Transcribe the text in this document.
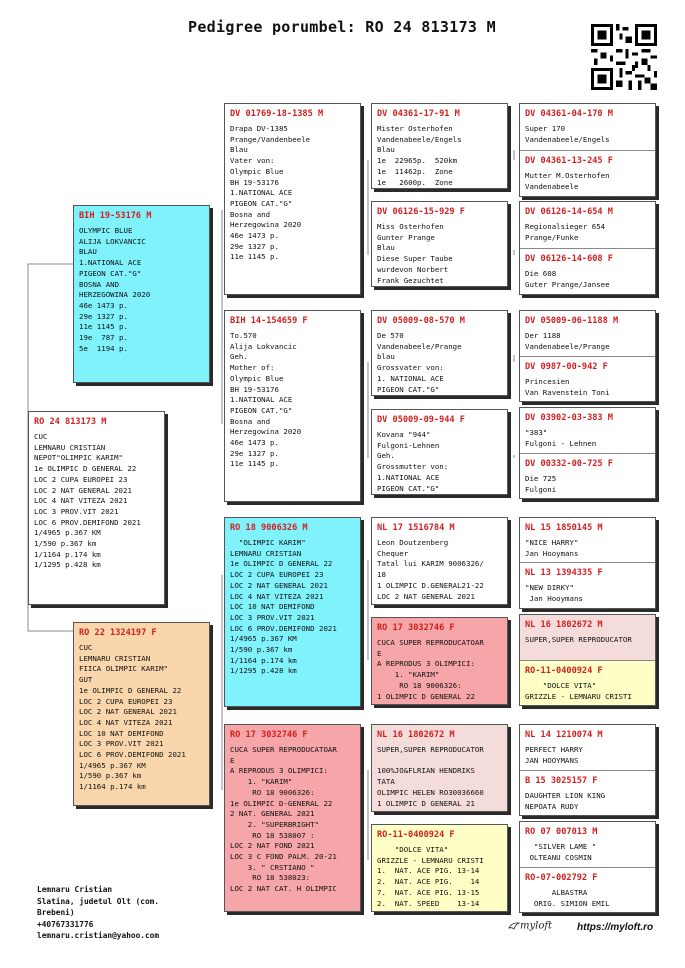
Pedigree porumbel: RO 24 813173 M
RO 24 813173 M
CUC
LEMNARU CRISTIAN
NEPOT"OLIMPIC KARIM"
1e OLIMPIC D GENERAL 22
LOC 2 CUPA EUROPEI 23
LOC 2 NAT GENERAL 2021
LOC 4 NAT VITEZA 2021
LOC 3 PROV.VIT 2021
LOC 6 PROV.DEMIFOND 2021
1/4965 p.367 KM
1/590 p.367 km
1/1164 p.174 km
1/1295 p.428 km
BIH 19-53176 M
OLYMPIC BLUE
ALIJA LOKVANCIC
BLAU
1.NATIONAL ACE
PIGEON CAT."G"
BOSNA AND
HERZEGOWINA 2020
46e 1473 p.
29e 1327 p.
11e 1145 p.
19e  787 p.
5e  1194 p.
RO 22 1324197 F
CUC
LEMNARU CRISTIAN
FIICA OLIMPIC KARIM"
GUT
1e OLIMPIC D GENERAL 22
LOC 2 CUPA EUROPEI 23
LOC 2 NAT GENERAL 2021
LOC 4 NAT VITEZA 2021
LOC 10 NAT DEMIFOND
LOC 3 PROV.VIT 2021
LOC 6 PROV.DEMIFOND 2021
1/4965 p.367 KM
1/590 p.367 km
1/1164 p.174 km
DV 01769-18-1385 M
Drapa DV-1385
Prange/Vandenbeele
Blau
Vater von:
Olympic Blue
BH 19-53176
1.NATIONAL ACE
PIGEON CAT."G"
Bosna and
Herzegowina 2020
46e 1473 p.
29e 1327 p.
11e 1145 p.
BIH 14-154659 F
To.570
Alija Lokvancic
Geh.
Mother of:
Olympic Blue
BH 19-53176
1.NATIONAL ACE
PIGEON CAT."G"
Bosna and
Herzegowina 2020
46e 1473 p.
29e 1327 p.
11e 1145 p.
RO 18 9006326 M
"OLIMPIC KARIM"
LEMNARU CRISTIAN
1e OLIMPIC D GENERAL 22
LOC 2 CUPA EUROPEI 23
LOC 2 NAT GENERAL 2021
LOC 4 NAT VITEZA 2021
LOC 10 NAT DEMIFOND
LOC 3 PROV.VIT 2021
LOC 6 PROV.DEMIFOND 2021
1/4965 p.367 KM
1/590 p.367 km
1/1164 p.174 km
1/1295 p.428 km
RO 17 3032746 F
CUCA SUPER REPRODUCATOAR
E
A REPRODUS 3 OLIMPICI:
1. "KARIM"
RO 18 9006326:
1e OLIMPIC D-GENERAL 22
2 NAT. GENERAL 2021
2. "SUPERBRIGHT"
RO 18 538007 :
LOC 2 NAT FOND 2021
LOC 3 C FOND PALM. 20-21
3. " CRSTIANO "
RO 18 538023:
LOC 2 NAT CAT. H OLIMPIC
DV 04361-17-91 M
Mister Osterhofen
Vandenabeele/Engels
Blau
1e  22965p.  520km
1e  11462p.  Zone
1e   2600p.  Zone
DV 06126-15-929 F
Miss Osterhofen
Gunter Prange
Blau
Diese Super Taube
wurdevon Norbert
Frank Gezuchtet
DV 05009-08-570 M
De 570
Vandenabeele/Prange
blau
Grossvater von:
1. NATIONAL ACE
PIGEON CAT."G"
DV 05009-09-944 F
Kovana "944"
Fulgoni-Lehnen
Geh.
Grossmutter von:
1.NATIONAL ACE
PIGEON CAT."G"
NL 17 1516784 M
Leon Doutzenberg
Chequer
Tatal lui KARIM 9006326/
18
1 OLIMPIC D.GENERAL21-22
LOC 2 NAT GENERAL 2021
RO 17 3032746 F
CUCA SUPER REPRODUCATOAR
E
A REPRODUS 3 OLIMPICI:
1. "KARIM"
RO 18 9006326:
1 OLIMPIC D GENERAL 22
NL 16 1802672 M
SUPER,SUPER REPRODUCATOR

100%JO&FLRIAN HENDRIKS
TATA
OLIMPIC HELEN RO30036660
1 OLIMPIC D GENERAL 21
RO-11-0400924 F
"DOLCE VITA"
GRIZZLE - LEMNARU CRISTI
1.  NAT. ACE PIG. 13-14
2.  NAT. ACE PIG.    14
7.  NAT. ACE PIG. 13-15
2.  NAT. SPEED    13-14
DV 04361-04-170 M
Super 170
Vandenabeele/Engels
DV 04361-13-245 F
Mutter M.Osterhofen
Vandenabeele
DV 06126-14-654 M
Regionalsieger 654
Prange/Funke
DV 06126-14-608 F
Die 608
Guter Prange/Jansee
DV 05009-06-1188 M
Der 1188
Vandenabeele/Prange
DV 0987-00-942 F
Princesien
Van Ravenstein Toni
DV 03902-03-383 M
"383"
Fulgoni - Lehnen
DV 00332-00-725 F
Die 725
Fulgoni
NL 15 1850145 M
"NICE HARRY"
Jan Hooymans
NL 13 1394335 F
"NEW DIRKY"
Jan Hooymans
NL 16 1802672 M
SUPER,SUPER REPRODUCATOR
RO-11-0400924 F
"DOLCE VITA"
GRIZZLE - LEMNARU CRISTI
NL 14 1210074 M
PERFECT HARRY
JAN HOOYMANS
B 15 3025157 F
DAUGHTER LION KING
NEPOATA RUDY
RO 07 007013 M
"SILVER LAME "
OLTEANU COSMIN
RO-07-002792 F
ALBASTRA
ORIG. SIMION EMIL
Lemnaru Cristian
Slatina, judetul Olt (com.
Brebeni)
+40767331776
lemnaru.cristian@yahoo.com
myloft https://myloft.ro
